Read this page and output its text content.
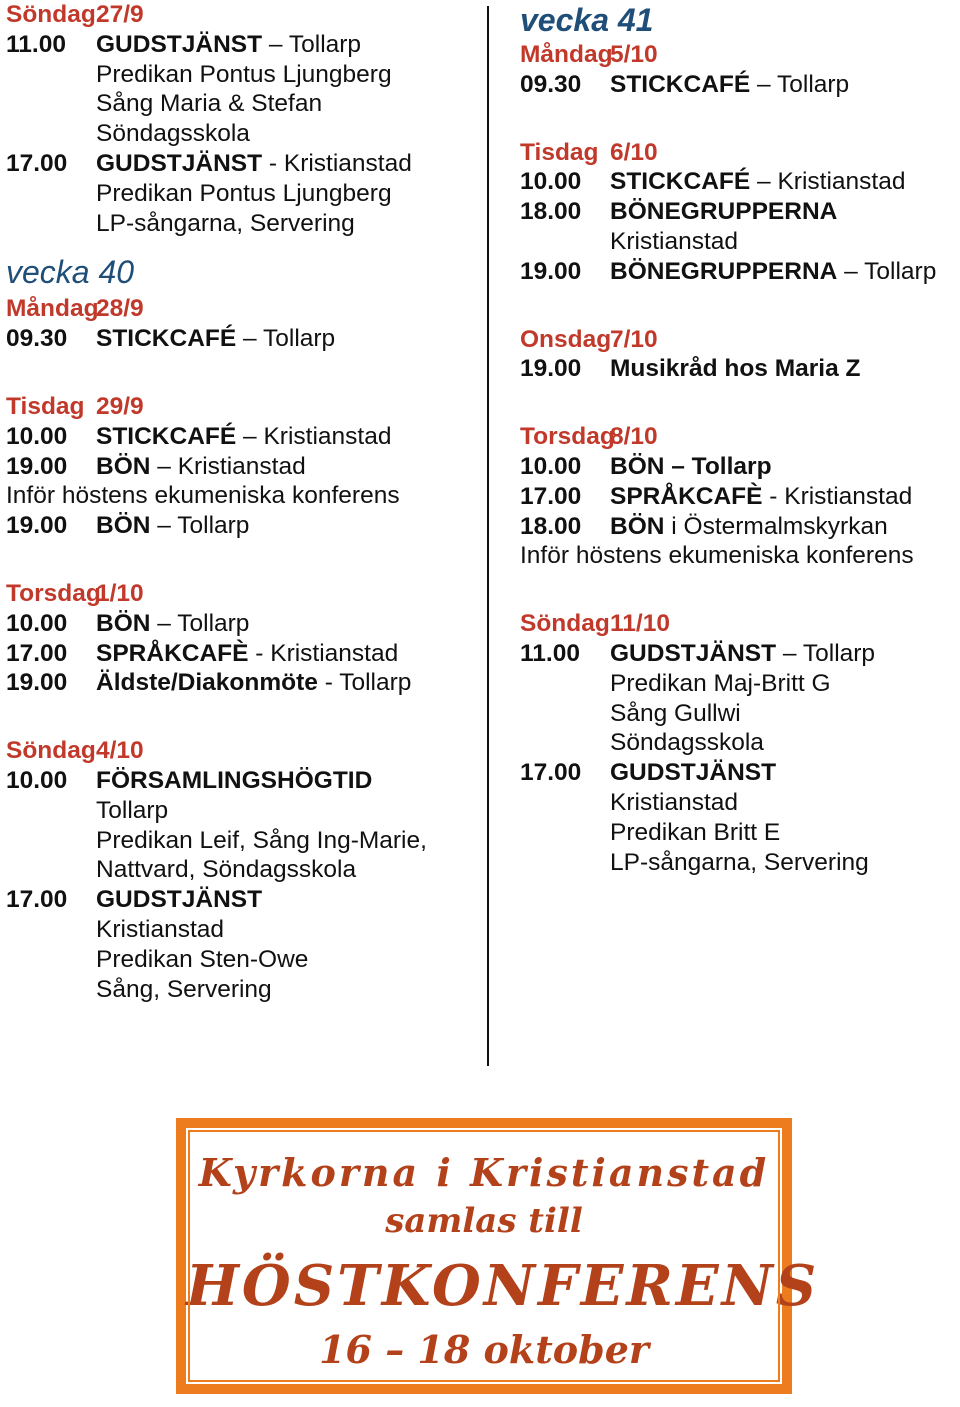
Söndag27/9
11.00 GUDSTJÄNST – Tollarp
Predikan Pontus Ljungberg
Sång Maria & Stefan
Söndagsskola
17.00 GUDSTJÄNST - Kristianstad
Predikan Pontus Ljungberg
LP-sångarna, Servering
vecka 40
Måndag28/9
09.30 STICKCAFÉ – Tollarp
Tisdag 29/9
10.00 STICKCAFÉ – Kristianstad
19.00 BÖN – Kristianstad
Inför höstens ekumeniska konferens
19.00 BÖN – Tollarp
Torsdag1/10
10.00 BÖN – Tollarp
17.00 SPRÅKCAFÈ - Kristianstad
19.00 Äldste/Diakonmöte - Tollarp
Söndag4/10
10.00 FÖRSAMLINGSHÖGTID
Tollarp
Predikan Leif, Sång Ing-Marie,
Nattvard, Söndagsskola
17.00 GUDSTJÄNST
Kristianstad
Predikan Sten-Owe
Sång, Servering
vecka 41
Måndag5/10
09.30 STICKCAFÉ – Tollarp
Tisdag 6/10
10.00 STICKCAFÉ – Kristianstad
18.00 BÖNEGRUPPERNA
Kristianstad
19.00 BÖNEGRUPPERNA – Tollarp
Onsdag7/10
19.00 Musikråd hos Maria Z
Torsdag8/10
10.00 BÖN – Tollarp
17.00 SPRÅKCAFÈ - Kristianstad
18.00 BÖN i Östermalmskyrkan
Inför höstens ekumeniska konferens
Söndag11/10
11.00 GUDSTJÄNST – Tollarp
Predikan Maj-Britt G
Sång Gullwi
Söndagsskola
17.00 GUDSTJÄNST
Kristianstad
Predikan Britt E
LP-sångarna, Servering
Kyrkorna i Kristianstad
samlas till
HÖSTKONFERENS
16 – 18 oktober
